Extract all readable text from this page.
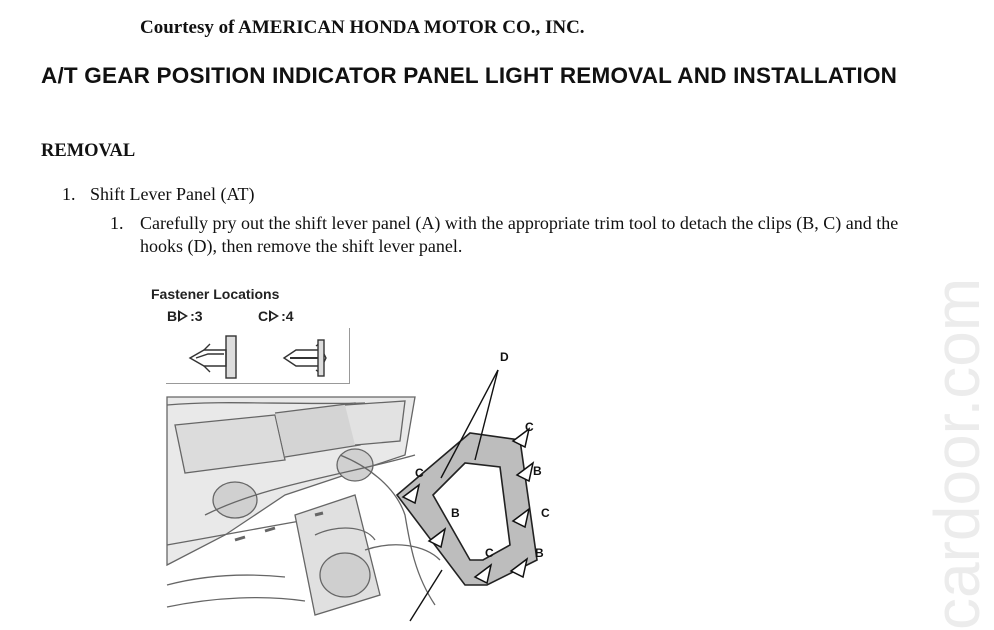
Courtesy of AMERICAN HONDA MOTOR CO., INC.
A/T GEAR POSITION INDICATOR PANEL LIGHT REMOVAL AND INSTALLATION
REMOVAL
1. Shift Lever Panel (AT)
1. Carefully pry out the shift lever panel (A) with the appropriate trim tool to detach the clips (B, C) and the hooks (D), then remove the shift lever panel.
Fastener Locations
B :3	C :4
D
C
C
C
C
B
B
B	cardoor.com
